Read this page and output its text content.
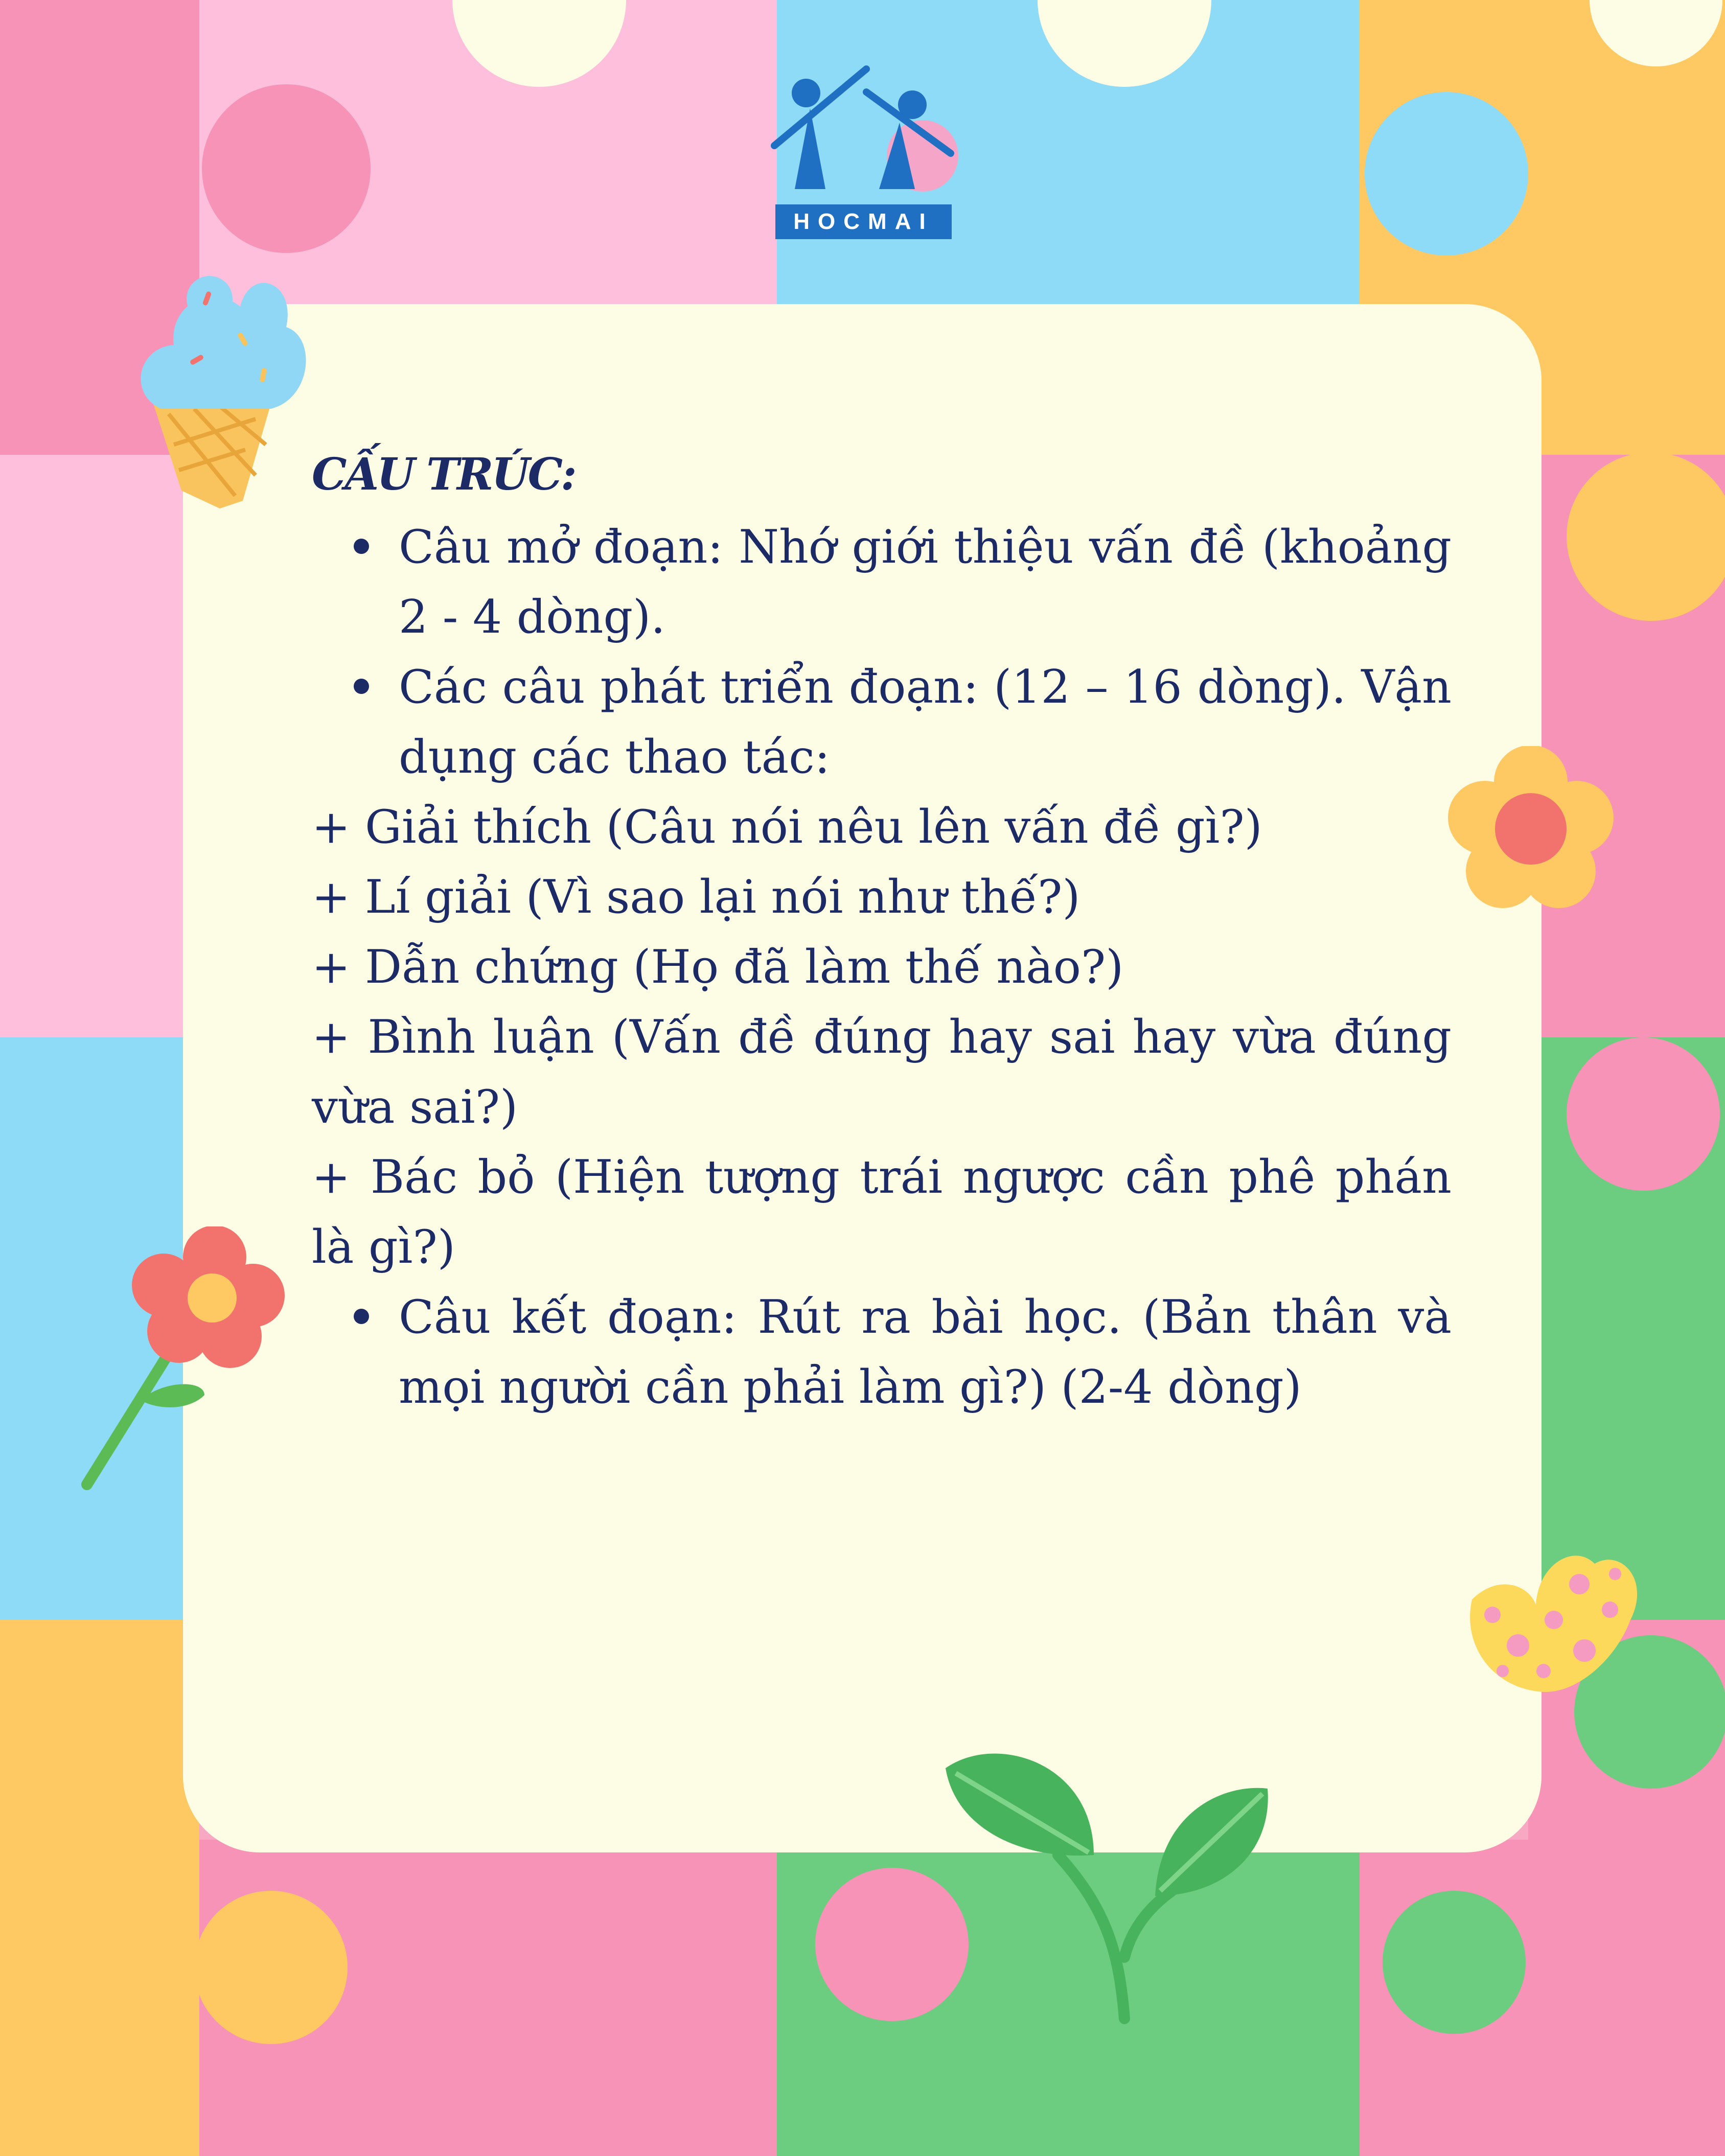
HOCMAI
CẤU TRÚC:
Câu mở đoạn: Nhớ giới thiệu vấn đề (khoảng 2 - 4 dòng).
Các câu phát triển đoạn: (12 – 16 dòng). Vận dụng các thao tác:

+ Giải thích (Câu nói nêu lên vấn đề gì?)

+ Lí giải (Vì sao lại nói như thế?)

+ Dẫn chứng (Họ đã làm thế nào?)

+ Bình luận (Vấn đề đúng hay sai hay vừa đúng vừa sai?)

+ Bác bỏ (Hiện tượng trái ngược cần phê phán là gì?)

Câu kết đoạn: Rút ra bài học. (Bản thân và mọi người cần phải làm gì?) (2-4 dòng)
